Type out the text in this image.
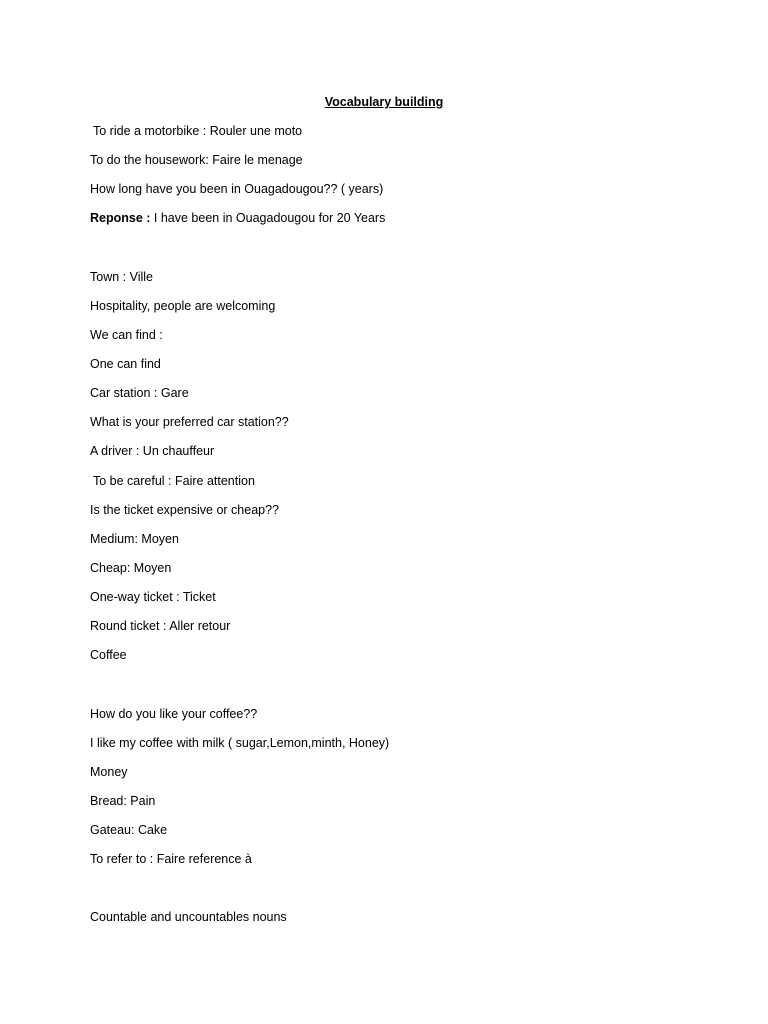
Vocabulary building
To ride a motorbike : Rouler une moto
To do the housework: Faire le menage
How long have you been in Ouagadougou?? ( years)
Reponse : I have been in Ouagadougou for 20 Years
Town : Ville
Hospitality, people are welcoming
We can find :
One can find
Car station : Gare
What is your preferred car station??
A driver : Un chauffeur
To be careful : Faire attention
Is the ticket expensive or cheap??
Medium: Moyen
Cheap: Moyen
One-way ticket : Ticket
Round ticket : Aller retour
Coffee
How do you like your coffee??
I like my coffee with milk ( sugar,Lemon,minth, Honey)
Money
Bread: Pain
Gateau: Cake
To refer to : Faire reference à
Countable and uncountables nouns
